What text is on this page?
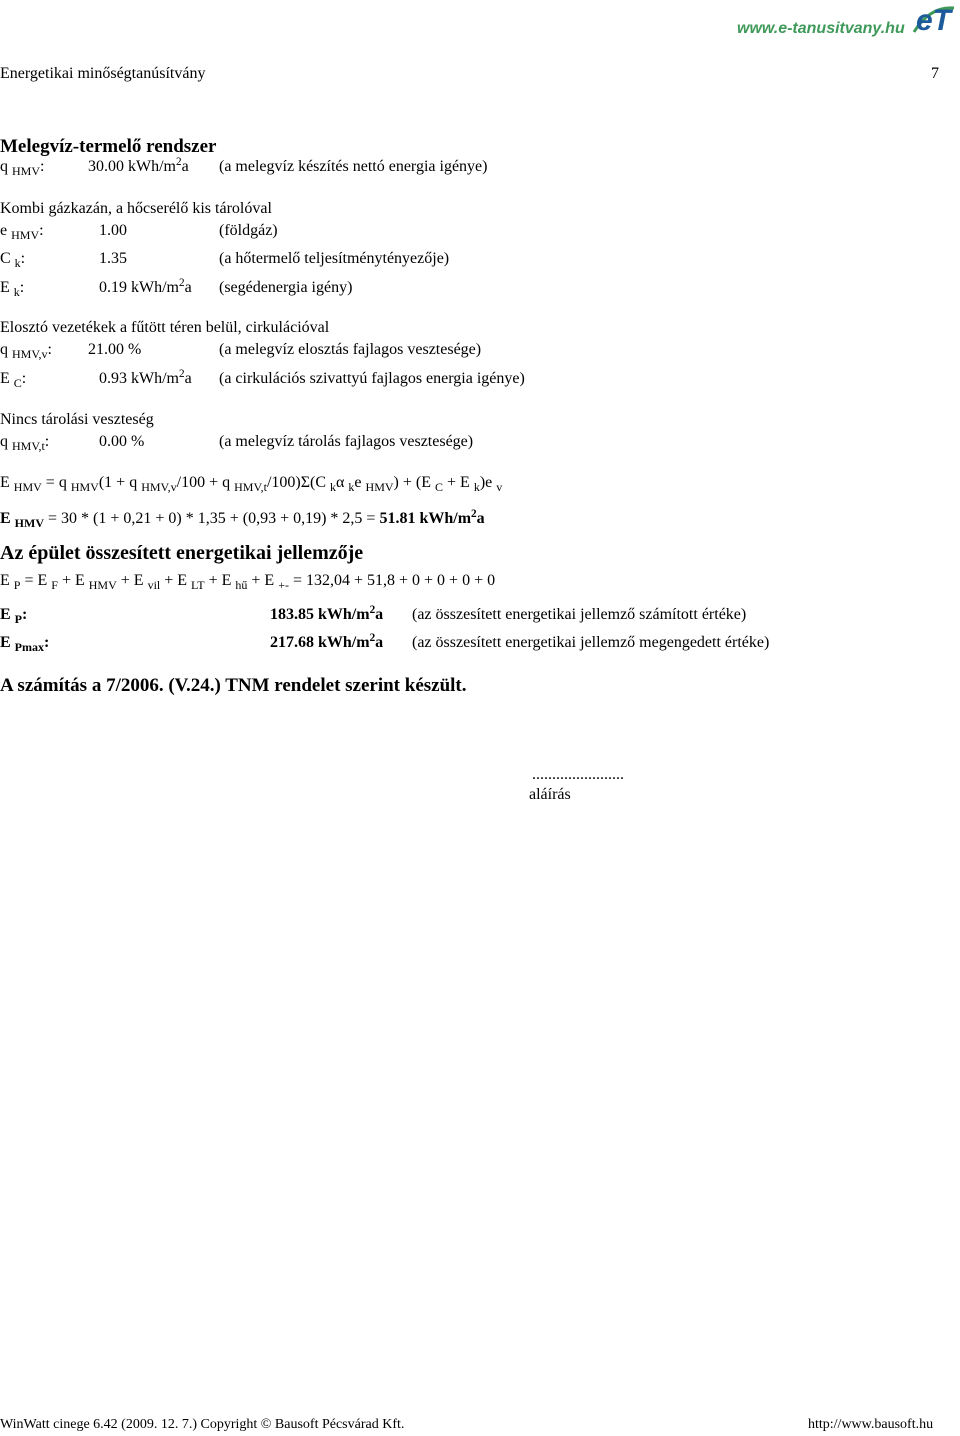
www.e-tanusitvany.hu eT
Energetikai minőségtanúsítvány	7
Melegvíz-termelő rendszer
q $_{HMV}$:	30.00 kWh/$m^2a$ (a melegvíz készítés nettó energia igénye)
Kombi gázkazán, a hőcserélő kis tárolóval
e $_{HMV}$:	1.00	(földgáz)
C $_k$:	1.35	(a hőtermelő teljesítménytényezője)
E $_k$:	0.19 kWh/$m^2a$ (segédenergia igény)
Elosztó vezetékek a fűtött téren belül, cirkulációval
q $_{HMV,v}$: 21.00 %	(a melegvíz elosztás fajlagos vesztesége)
E $_C$:	0.93 kWh/$m^2a$ (a cirkulációs szivattyú fajlagos energia igénye)
Nincs tárolási veszteség
q $_{HMV,t}$:	0.00 %	(a melegvíz tárolás fajlagos vesztesége)
E $_{HMV}$ = q $_{HMV}$(1 + q $_{HMV,v}$/100 + q $_{HMV,t}$/100)Σ(C $_k$α $_k$e $_{HMV}$) + (E $_C$ + E $_k$)e $_v$
E $_{HMV}$ = 30 * (1 + 0,21 + 0) * 1,35 + (0,93 + 0,19) * 2,5 = 51.81 kWh/$m^2a$
Az épület összesített energetikai jellemzője
E $_P$ = E $_F$ + E $_{HMV}$ + E $_{vil}$ + E $_{LT}$ + E $_{hű}$ + E $_{+-}$ = 132,04 + 51,8 + 0 + 0 + 0 + 0
E $_P$:	183.85 kWh/$m^2a$ (az összesített energetikai jellemző számított értéke)
E $_{Pmax}$:	217.68 kWh/$m^2a$ (az összesített energetikai jellemző megengedett értéke)
A számítás a 7/2006. (V.24.) TNM rendelet szerint készült.
.......................
aláírás
WinWatt cinege 6.42 (2009. 12. 7.) Copyright © Bausoft Pécsvárad Kft.	http://www.bausoft.hu
